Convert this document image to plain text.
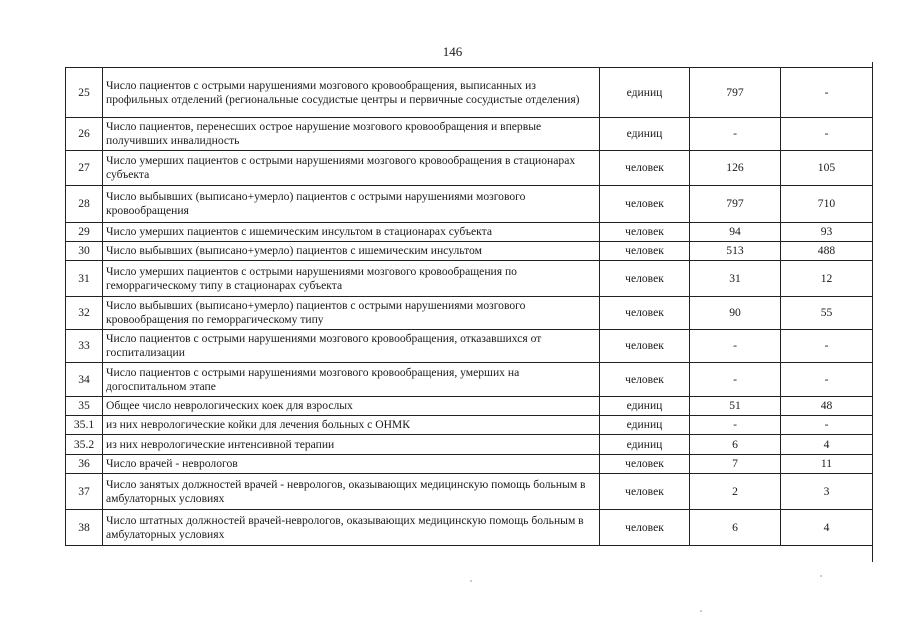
146
25	Число пациентов с острыми нарушениями мозгового кровообращения, выписанных из профильных отделений (региональные сосудистые центры и первичные сосудистые отделения)	единиц	797	-
26	Число пациентов, перенесших острое нарушение мозгового кровообращения и впервые получивших инвалидность	единиц	-	-
27	Число умерших пациентов с острыми нарушениями мозгового кровообращения в стационарах субъекта	человек	126	105
28	Число выбывших (выписано+умерло) пациентов с острыми нарушениями мозгового кровообращения	человек	797	710
29	Число умерших пациентов с ишемическим инсультом в стационарах субъекта	человек	94	93
30	Число выбывших (выписано+умерло) пациентов с ишемическим инсультом	человек	513	488
31	Число умерших пациентов с острыми нарушениями мозгового кровообращения по геморрагическому типу в стационарах субъекта	человек	31	12
32	Число выбывших (выписано+умерло) пациентов с острыми нарушениями мозгового кровообращения по геморрагическому типу	человек	90	55
33	Число пациентов с острыми нарушениями мозгового кровообращения, отказавшихся от госпитализации	человек	-	-
34	Число пациентов с острыми нарушениями мозгового кровообращения, умерших на догоспитальном этапе	человек	-	-
35	Общее число неврологических коек для взрослых	единиц	51	48
35.1	из них неврологические койки для лечения больных с ОНМК	единиц	-	-
35.2	из них неврологические интенсивной терапии	единиц	6	4
36	Число врачей - неврологов	человек	7	11
37	Число занятых должностей врачей - неврологов, оказывающих медицинскую помощь больным в амбулаторных условиях	человек	2	3
38	Число штатных должностей врачей-неврологов, оказывающих медицинскую помощь больным в амбулаторных условиях	человек	6	4
